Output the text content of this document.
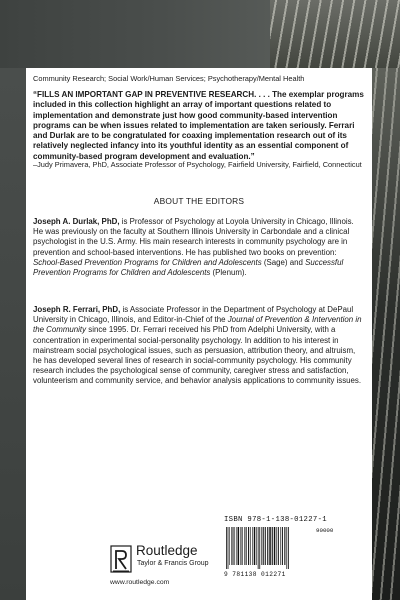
Community Research; Social Work/Human Services; Psychotherapy/Mental Health

“FILLS AN IMPORTANT GAP IN PREVENTIVE RESEARCH. . . . The exemplar programs included in this collection highlight an array of important questions related to implementation and demonstrate just how good community-based intervention programs can be when issues related to implementation are taken seriously. Ferrari and Durlak are to be congratulated for coaxing implementation research out of its relatively neglected infancy into its youthful identity as an essential component of community-based program development and evaluation.”

–Judy Primavera, PhD, Associate Professor of Psychology, Fairfield University, Fairfield, Connecticut

ABOUT THE EDITORS

Joseph A. Durlak, PhD, is Professor of Psychology at Loyola University in Chicago, Illinois. He was previously on the faculty at Southern Illinois University in Carbondale and a clinical psychologist in the U.S. Army. His main research interests in community psychology are in prevention and school-based interventions. He has published two books on prevention: School-Based Prevention Programs for Children and Adolescents (Sage) and Successful Prevention Programs for Children and Adolescents (Plenum).

Joseph R. Ferrari, PhD, is Associate Professor in the Department of Psychology at DePaul University in Chicago, Illinois, and Editor-in-Chief of the Journal of Prevention & Intervention in the Community since 1995. Dr. Ferrari received his PhD from Adelphi University, with a concentration in experimental social-personality psychology. In addition to his interest in mainstream social psychological issues, such as persuasion, attribution theory, and altruism, he has developed several lines of research in social-community psychology. His community research includes the psychological sense of community, caregiver stress and satisfaction, volunteerism and community service, and behavior analysis applications to community issues.

Routledge
Taylor & Francis Group
www.routledge.com
ISBN 978-1-138-01227-1
90000
9 781138 012271
an informa business
